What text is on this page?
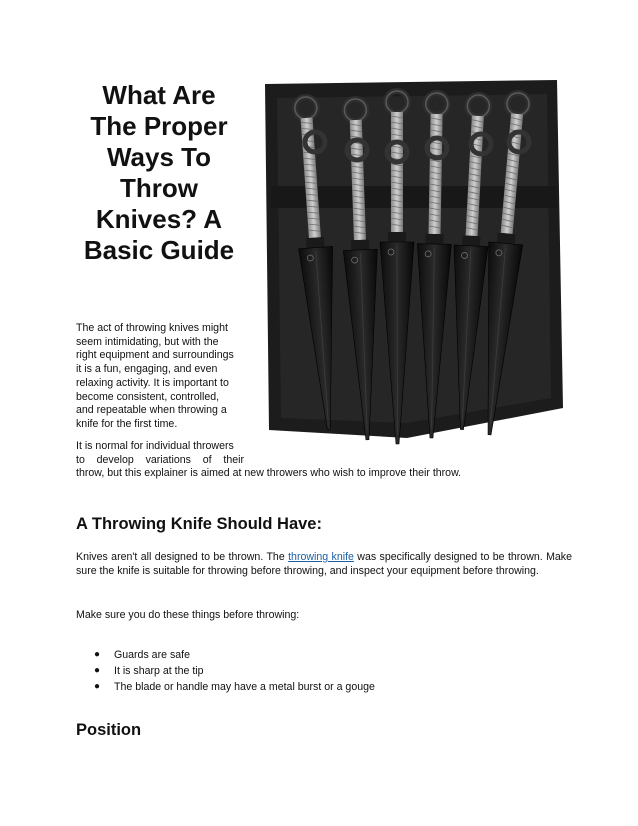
What Are
The Proper
Ways To
Throw
Knives? A
Basic Guide
The act of throwing knives might
seem intimidating, but with the
right equipment and surroundings
it is a fun, engaging, and even
relaxing activity. It is important to
become consistent, controlled,
and repeatable when throwing a
knife for the first time.
It is normal for individual throwers
to develop variations of their
throw, but this explainer is aimed at new throwers who wish to improve their throw.
A Throwing Knife Should Have:
Knives aren't all designed to be thrown. The throwing knife was specifically designed to be thrown. Make sure the knife is suitable for throwing before throwing, and inspect your equipment before throwing.
Make sure you do these things before throwing:
● Guards are safe
● It is sharp at the tip
● The blade or handle may have a metal burst or a gouge
Position
